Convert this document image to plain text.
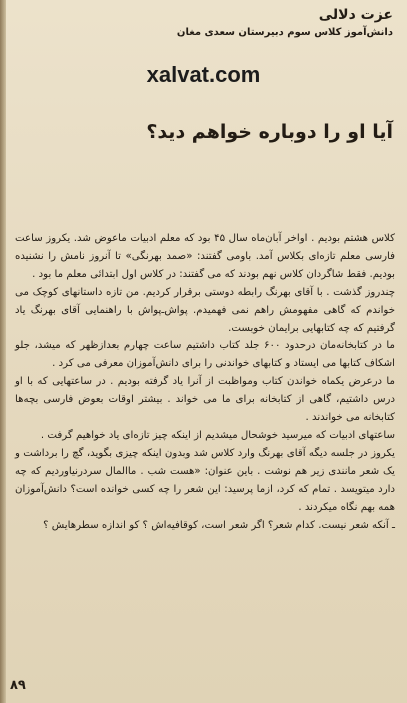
عزت دلالی
دانش‌آموز کلاس سوم دبیرستان سعدی مغان
xalvat.com
آیا او را دوباره خواهم دید؟

کلاس هشتم بودیم . اواخر آبان‌ماه سال ۴۵ بود که معلم ادبیات ماعوض شد. یکروز ساعت فارسی معلم تازه‌ای بکلاس آمد. باومی گفتند: «صمد بهرنگی» تا آنروز نامش را نشنیده بودیم. فقط شاگردان کلاس نهم بودند که می گفتند: در کلاس اول ابتدائی معلم ما بود .

چندروز گذشت . با آقای بهرنگ رابطه دوستی برقرار کردیم. من تازه داستانهای کوچک می خواندم که گاهی مفهومش راهم نمی فهمیدم. پواش‌ـ‌پواش با راهنمایی آقای بهرنگ یاد گرفتیم که چه کتابهایی برایمان خوبست.

ما در کتابخانه‌مان درحدود ۶۰۰ جلد کتاب داشتیم ساعت چهارم بعدازظهر که میشد، جلو اشکاف کتابها می ایستاد و کتابهای خواندنی را برای دانش‌آموزان معرفی می کرد .

ما درعرض یکماه خواندن کتاب ومواظبت از آنرا یاد گرفته بودیم . در ساعتهایی که با او درس داشتیم، گاهی از کتابخانه برای ما می خواند . بیشتر اوقات بعوض فارسی بچه‌ها کتابخانه می خواندند .

ساعتهای ادبیات که میرسید خوشحال میشدیم از اینکه چیز تازه‌ای یاد خواهیم گرفت .

یکروز در جلسه دیگه آقای بهرنگ وارد کلاس شد وبدون اینکه چیزی بگوید، گچ را برداشت و یک شعر مانندی زیر هم نوشت . باین عنوان: «هست شب . ماالمال سردرنیاوردیم که چه دارد میتویسد . تمام که کرد، ازما پرسید: این شعر را چه کسی خوانده است؟ دانش‌آموزان همه بهم نگاه میکردند .

ـ آنکه شعر نیست. کدام شعر؟ اگر شعر است، کوقافیه‌اش ؟ کو اندازه سطرهایش ؟

۸۹
